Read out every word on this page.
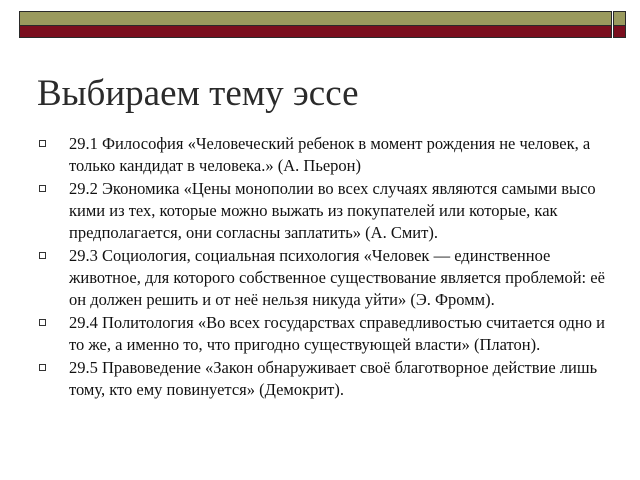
Выбираем тему эссе
29.1 Философия «Человеческий ребенок в момент рождения не человек, а только кандидат в человека.» (А. Пьерон)
29.2 Экономика «Цены монополии во всех случаях являются самыми высо кими из тех, которые можно выжать из покупателей или которые, как предполагается, они согласны заплатить» (А. Смит).
29.3 Социология, социальная психология «Человек — единственное животное, для которого собственное существование является проблемой: её он должен решить и от неё нельзя никуда уйти» (Э. Фромм).
29.4 Политология «Во всех государствах справедливостью считается одно и то же, а именно то, что пригодно существующей власти» (Платон).
29.5 Правоведение «Закон обнаруживает своё благотворное действие лишь тому, кто ему повинуется» (Демокрит).
